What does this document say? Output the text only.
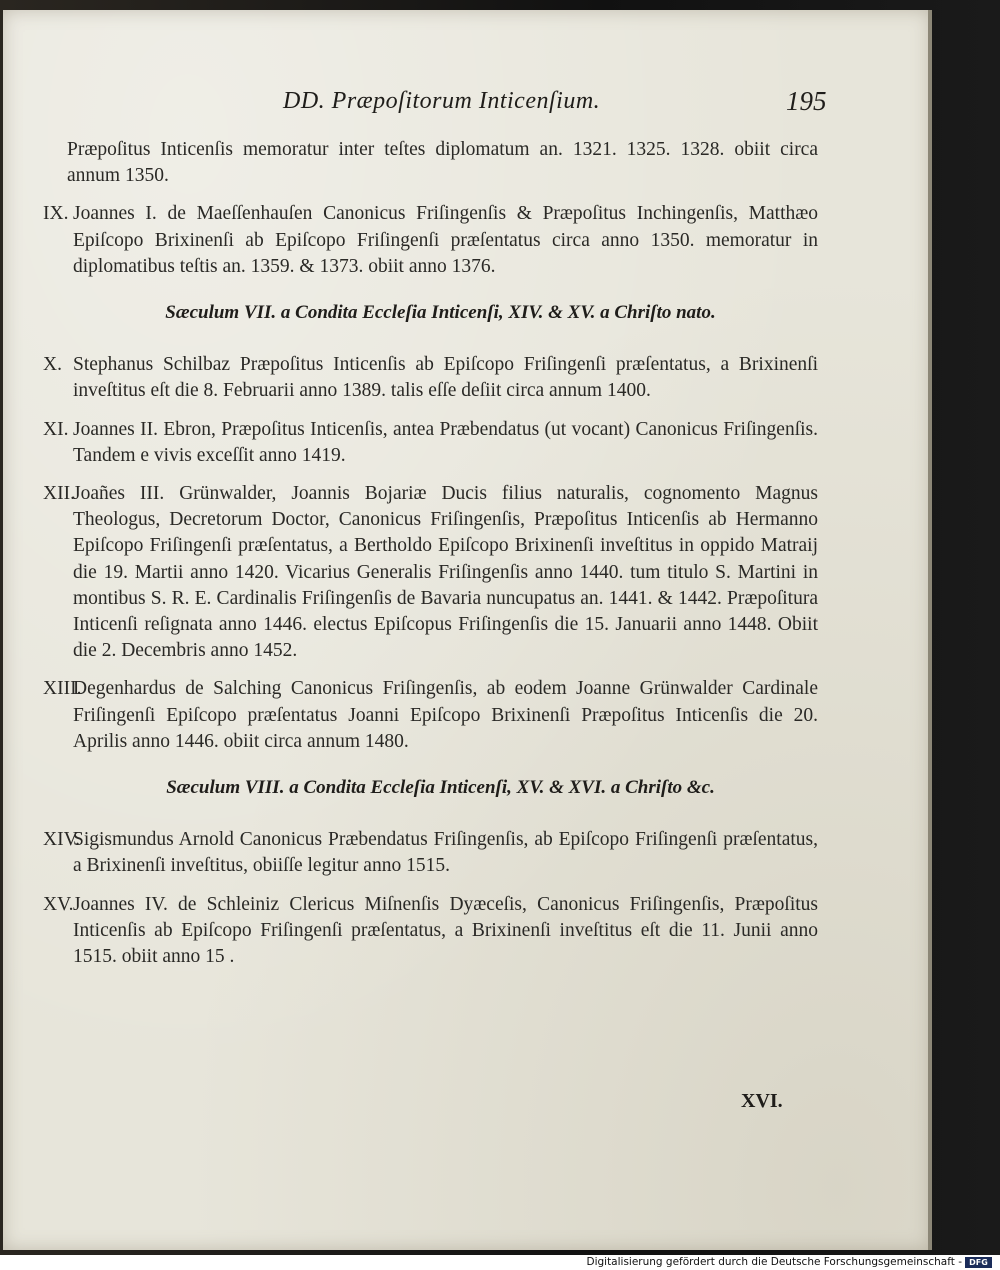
DD. Præpoſitorum Inticenſium.	195
Præpoſitus Inticenſis memoratur inter teſtes diplomatum an. 1321. 1325. 1328. obiit circa annum 1350.
IX. Joannes I. de Maeſſenhauſen Canonicus Friſingenſis & Præpoſitus Inchingenſis, Matthæo Epiſcopo Brixinenſi ab Epiſcopo Friſingenſi præſentatus circa anno 1350. memoratur in diplomatibus teſtis an. 1359. & 1373. obiit anno 1376.
Sæculum VII. a Condita Eccleſia Inticenſi, XIV. & XV. a Chriſto nato.
X. Stephanus Schilbaz Præpoſitus Inticenſis ab Epiſcopo Friſingenſi præſentatus, a Brixinenſi inveſtitus eſt die 8. Februarii anno 1389. talis eſſe deſiit circa annum 1400.
XI. Joannes II. Ebron, Præpoſitus Inticenſis, antea Præbendatus (ut vocant) Canonicus Friſingenſis. Tandem e vivis exceſſit anno 1419.
XII.
Joañes III. Grünwalder, Joannis Bojariæ Ducis filius naturalis, cognomento Magnus Theologus, Decretorum Doctor, Canonicus Friſingenſis, Præpoſitus Inticenſis ab Hermanno Epiſcopo Friſingenſi præſentatus, a Bertholdo Epiſcopo Brixinenſi inveſtitus in oppido Matraij die 19. Martii anno 1420. Vicarius Generalis Friſingenſis anno 1440. tum titulo S. Martini in montibus S. R. E. Cardinalis Friſingenſis de Bavaria nuncupatus an. 1441. & 1442. Præpoſitura Inticenſi reſignata anno 1446. electus Epiſcopus Friſingenſis die 15. Januarii anno 1448. Obiit die 2. Decembris anno 1452.
XIII.
Degenhardus de Salching Canonicus Friſingenſis, ab eodem Joanne Grünwalder Cardinale Friſingenſi Epiſcopo præſentatus Joanni Epiſcopo Brixinenſi Præpoſitus Inticenſis die 20. Aprilis anno 1446. obiit circa annum 1480.
Sæculum VIII. a Condita Eccleſia Inticenſi, XV. & XVI. a Chriſto &c.
XIV.
Sigismundus Arnold Canonicus Præbendatus Friſingenſis, ab Epiſcopo Friſingenſi præſentatus, a Brixinenſi inveſtitus, obiiſſe legitur anno 1515.
XV. Joannes IV. de Schleiniz Clericus Miſnenſis Dyæceſis, Canonicus Friſingenſis, Præpoſitus Inticenſis ab Epiſcopo Friſingenſi præſentatus, a Brixinenſi inveſtitus eſt die 11. Junii anno 1515. obiit anno 15 .
XVI.
Digitalisierung gefördert durch die Deutsche Forschungsgemeinschaft - DFG
